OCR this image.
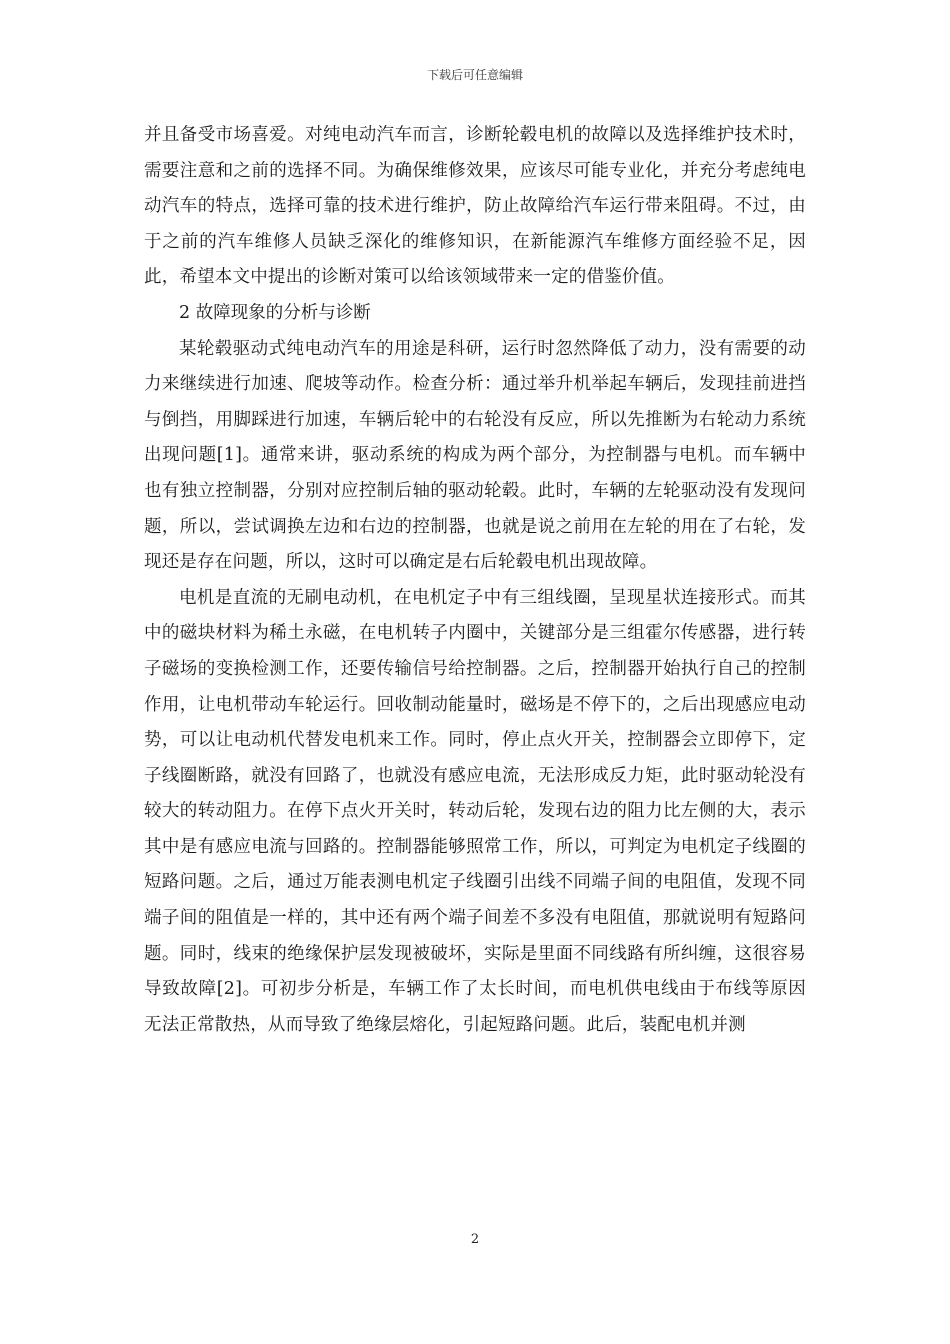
下载后可任意编辑

并且备受市场喜爱。对纯电动汽车而言，诊断轮毂电机的故障以及选择维护技术时，需要注意和之前的选择不同。为确保维修效果，应该尽可能专业化，并充分考虑纯电动汽车的特点，选择可靠的技术进行维护，防止故障给汽车运行带来阻碍。不过，由于之前的汽车维修人员缺乏深化的维修知识，在新能源汽车维修方面经验不足，因此，希望本文中提出的诊断对策可以给该领域带来一定的借鉴价值。

2 故障现象的分析与诊断

某轮毂驱动式纯电动汽车的用途是科研，运行时忽然降低了动力，没有需要的动力来继续进行加速、爬坡等动作。检查分析：通过举升机举起车辆后，发现挂前进挡与倒挡，用脚踩进行加速，车辆后轮中的右轮没有反应，所以先推断为右轮动力系统出现问题[1]。通常来讲，驱动系统的构成为两个部分，为控制器与电机。而车辆中也有独立控制器，分别对应控制后轴的驱动轮毂。此时，车辆的左轮驱动没有发现问题，所以，尝试调换左边和右边的控制器，也就是说之前用在左轮的用在了右轮，发现还是存在问题，所以，这时可以确定是右后轮毂电机出现故障。

电机是直流的无刷电动机，在电机定子中有三组线圈，呈现星状连接形式。而其中的磁块材料为稀土永磁，在电机转子内圈中，关键部分是三组霍尔传感器，进行转子磁场的变换检测工作，还要传输信号给控制器。之后，控制器开始执行自己的控制作用，让电机带动车轮运行。回收制动能量时，磁场是不停下的，之后出现感应电动势，可以让电动机代替发电机来工作。同时，停止点火开关，控制器会立即停下，定子线圈断路，就没有回路了，也就没有感应电流，无法形成反力矩，此时驱动轮没有较大的转动阻力。在停下点火开关时，转动后轮，发现右边的阻力比左侧的大，表示其中是有感应电流与回路的。控制器能够照常工作，所以，可判定为电机定子线圈的短路问题。之后，通过万能表测电机定子线圈引出线不同端子间的电阻值，发现不同端子间的阻值是一样的，其中还有两个端子间差不多没有电阻值，那就说明有短路问题。同时，线束的绝缘保护层发现被破坏，实际是里面不同线路有所纠缠，这很容易导致故障[2]。可初步分析是，车辆工作了太长时间，而电机供电线由于布线等原因无法正常散热，从而导致了绝缘层熔化，引起短路问题。此后，装配电机并测

2
